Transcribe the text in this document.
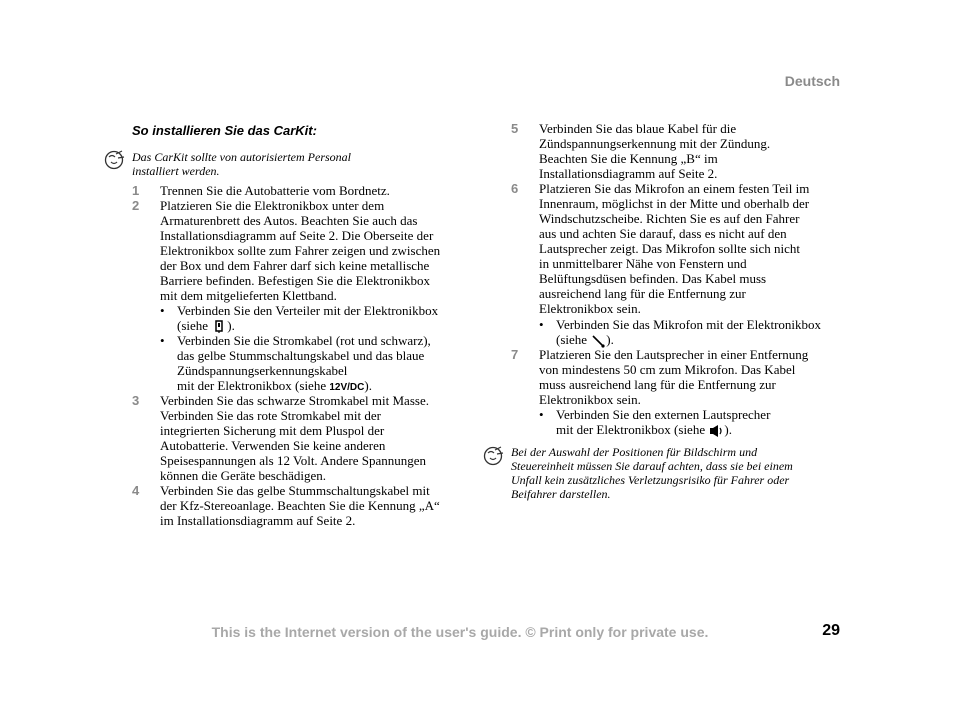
Deutsch
So installieren Sie das CarKit:
Das CarKit sollte von autorisiertem Personal
installiert werden.
1 Trennen Sie die Autobatterie vom Bordnetz.
2 Platzieren Sie die Elektronikbox unter dem
Armaturenbrett des Autos. Beachten Sie auch das
Installationsdiagramm auf Seite 2. Die Oberseite der
Elektronikbox sollte zum Fahrer zeigen und zwischen
der Box und dem Fahrer darf sich keine metallische
Barriere befinden. Befestigen Sie die Elektronikbox
mit dem mitgelieferten Klettband.
• Verbinden Sie den Verteiler mit der Elektronikbox
(siehe ).
• Verbinden Sie die Stromkabel (rot und schwarz),
das gelbe Stummschaltungskabel und das blaue
Zündspannungserkennungskabel
mit der Elektronikbox (siehe 12V/DC).
3 Verbinden Sie das schwarze Stromkabel mit Masse.
Verbinden Sie das rote Stromkabel mit der
integrierten Sicherung mit dem Pluspol der
Autobatterie. Verwenden Sie keine anderen
Speisespannungen als 12 Volt. Andere Spannungen
können die Geräte beschädigen.
4 Verbinden Sie das gelbe Stummschaltungskabel mit
der Kfz-Stereoanlage. Beachten Sie die Kennung „A“
im Installationsdiagramm auf Seite 2.
5 Verbinden Sie das blaue Kabel für die
Zündspannungserkennung mit der Zündung.
Beachten Sie die Kennung „B“ im
Installationsdiagramm auf Seite 2.
6 Platzieren Sie das Mikrofon an einem festen Teil im
Innenraum, möglichst in der Mitte und oberhalb der
Windschutzscheibe. Richten Sie es auf den Fahrer
aus und achten Sie darauf, dass es nicht auf den
Lautsprecher zeigt. Das Mikrofon sollte sich nicht
in unmittelbarer Nähe von Fenstern und
Belüftungsdüsen befinden. Das Kabel muss
ausreichend lang für die Entfernung zur
Elektronikbox sein.
• Verbinden Sie das Mikrofon mit der Elektronikbox
(siehe ).
7 Platzieren Sie den Lautsprecher in einer Entfernung
von mindestens 50 cm zum Mikrofon. Das Kabel
muss ausreichend lang für die Entfernung zur
Elektronikbox sein.
• Verbinden Sie den externen Lautsprecher
mit der Elektronikbox (siehe ).
Bei der Auswahl der Positionen für Bildschirm und
Steuereinheit müssen Sie darauf achten, dass sie bei einem
Unfall kein zusätzliches Verletzungsrisiko für Fahrer oder
Beifahrer darstellen.
This is the Internet version of the user's guide. © Print only for private use.	29
